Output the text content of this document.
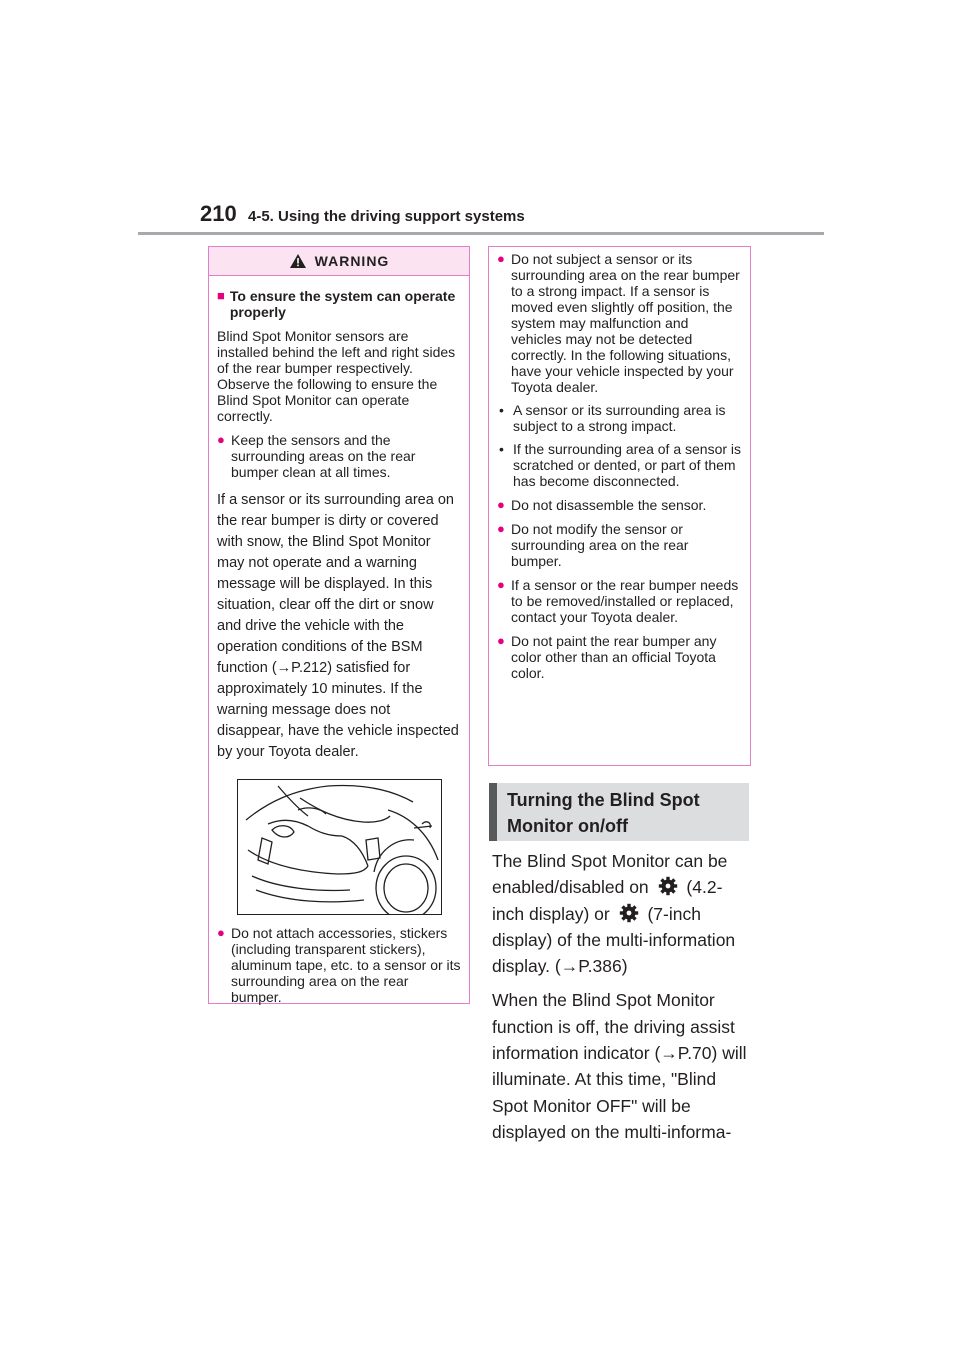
210 4-5. Using the driving support systems
WARNING

■ To ensure the system can operate properly

Blind Spot Monitor sensors are installed behind the left and right sides of the rear bumper respectively. Observe the following to ensure the Blind Spot Monitor can operate correctly.

● Keep the sensors and the surrounding areas on the rear bumper clean at all times.

If a sensor or its surrounding area on the rear bumper is dirty or covered with snow, the Blind Spot Monitor may not operate and a warning message will be displayed. In this situation, clear off the dirt or snow and drive the vehicle with the operation conditions of the BSM function (→P.212) satisfied for approximately 10 minutes. If the warning message does not disappear, have the vehicle inspected by your Toyota dealer.

● Do not attach accessories, stickers (including transparent stickers), aluminum tape, etc. to a sensor or its surrounding area on the rear bumper.

● Do not subject a sensor or its surrounding area on the rear bumper to a strong impact. If a sensor is moved even slightly off position, the system may malfunction and vehicles may not be detected correctly. In the following situations, have your vehicle inspected by your Toyota dealer.

• A sensor or its surrounding area is subject to a strong impact.

• If the surrounding area of a sensor is scratched or dented, or part of them has become disconnected.

● Do not disassemble the sensor.

● Do not modify the sensor or surrounding area on the rear bumper.

● If a sensor or the rear bumper needs to be removed/installed or replaced, contact your Toyota dealer.

● Do not paint the rear bumper any color other than an official Toyota color.

Turning the Blind Spot Monitor on/off

The Blind Spot Monitor can be enabled/disabled on (4.2-inch display) or (7-inch display) of the multi-information display. (→P.386)

When the Blind Spot Monitor function is off, the driving assist information indicator (→P.70) will illuminate. At this time, "Blind Spot Monitor OFF" will be displayed on the multi-informa-
